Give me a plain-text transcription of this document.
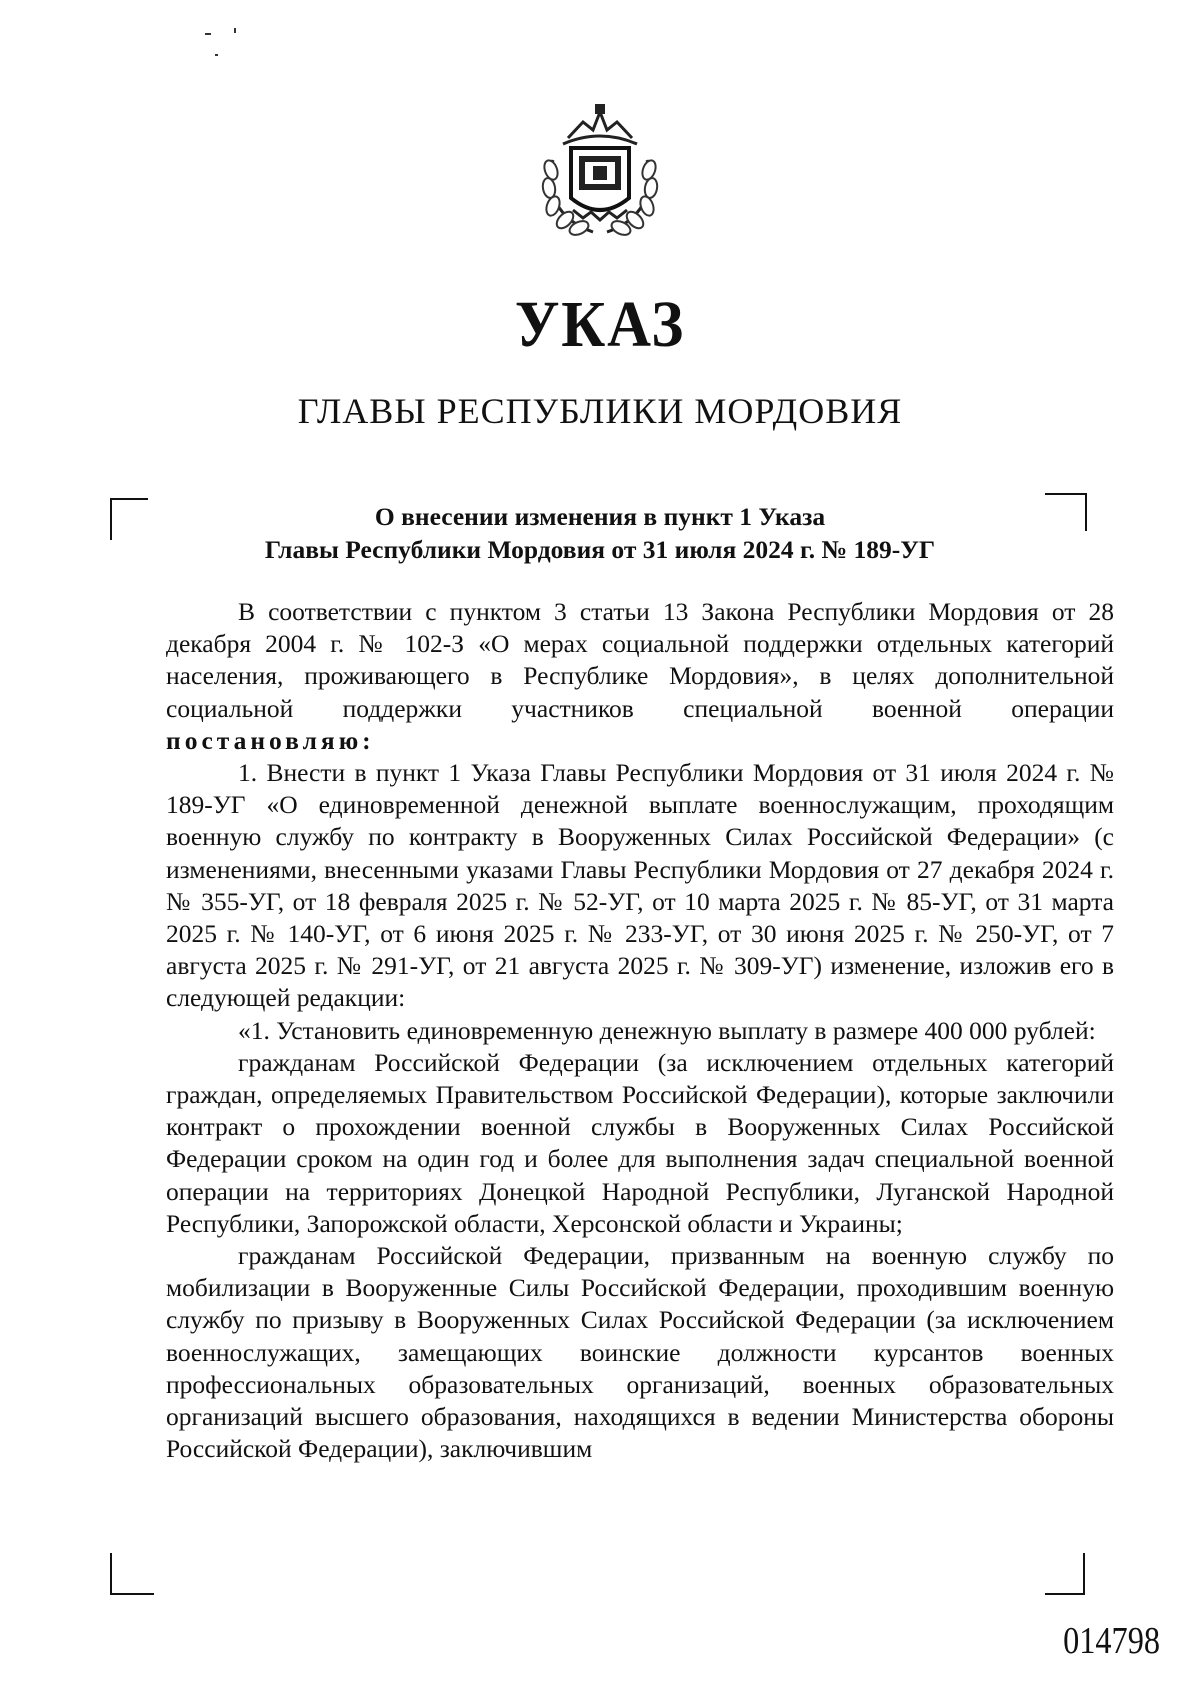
УКАЗ
ГЛАВЫ РЕСПУБЛИКИ МОРДОВИЯ
О внесении изменения в пункт 1 Указа
Главы Республики Мордовия от 31 июля 2024 г. № 189-УГ

В соответствии с пунктом 3 статьи 13 Закона Республики Мордовия от 28 декабря 2004 г. № 102-З «О мерах социальной поддержки отдельных категорий населения, проживающего в Республике Мордовия», в целях дополнительной социальной поддержки участников специальной военной операции постановляю:

1. Внести в пункт 1 Указа Главы Республики Мордовия от 31 июля 2024 г. № 189-УГ «О единовременной денежной выплате военнослужащим, проходящим военную службу по контракту в Вооруженных Силах Российской Федерации» (с изменениями, внесенными указами Главы Республики Мордовия от 27 декабря 2024 г. № 355-УГ, от 18 февраля 2025 г. № 52-УГ, от 10 марта 2025 г. № 85-УГ, от 31 марта 2025 г. № 140-УГ, от 6 июня 2025 г. № 233-УГ, от 30 июня 2025 г. № 250-УГ, от 7 августа 2025 г. № 291-УГ, от 21 августа 2025 г. № 309-УГ) изменение, изложив его в следующей редакции:

«1. Установить единовременную денежную выплату в размере 400 000 рублей:

гражданам Российской Федерации (за исключением отдельных категорий граждан, определяемых Правительством Российской Федерации), которые заключили контракт о прохождении военной службы в Вооруженных Силах Российской Федерации сроком на один год и более для выполнения задач специальной военной операции на территориях Донецкой Народной Республики, Луганской Народной Республики, Запорожской области, Херсонской области и Украины;

гражданам Российской Федерации, призванным на военную службу по мобилизации в Вооруженные Силы Российской Федерации, проходившим военную службу по призыву в Вооруженных Силах Российской Федерации (за исключением военнослужащих, замещающих воинские должности курсантов военных профессиональных образовательных организаций, военных образовательных организаций высшего образования, находящихся в ведении Министерства обороны Российской Федерации), заключившим

014798
